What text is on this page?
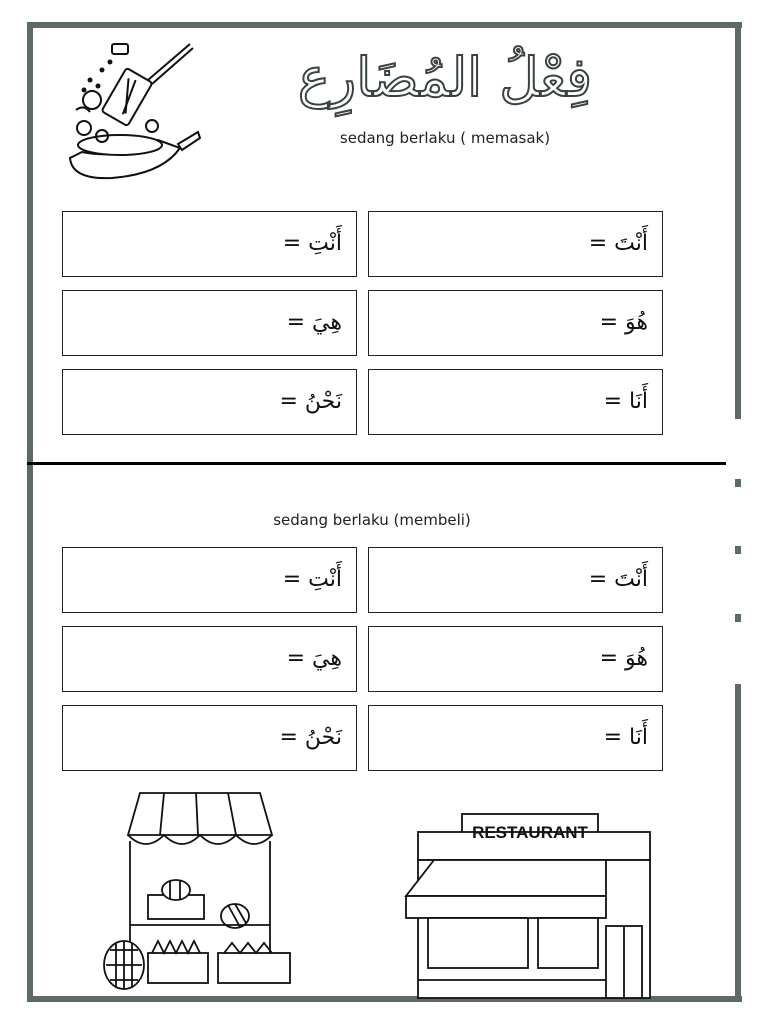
فِعْلُ المُضَارِع
sedang berlaku ( memasak)
أَنْتِ =	أَنْتَ =
هِيَ =	هُوَ =
نَحْنُ =	أَنَا =
sedang berlaku (membeli)
أَنْتِ =	أَنْتَ =
هِيَ =	هُوَ =
نَحْنُ =	أَنَا =
RESTAURANT
